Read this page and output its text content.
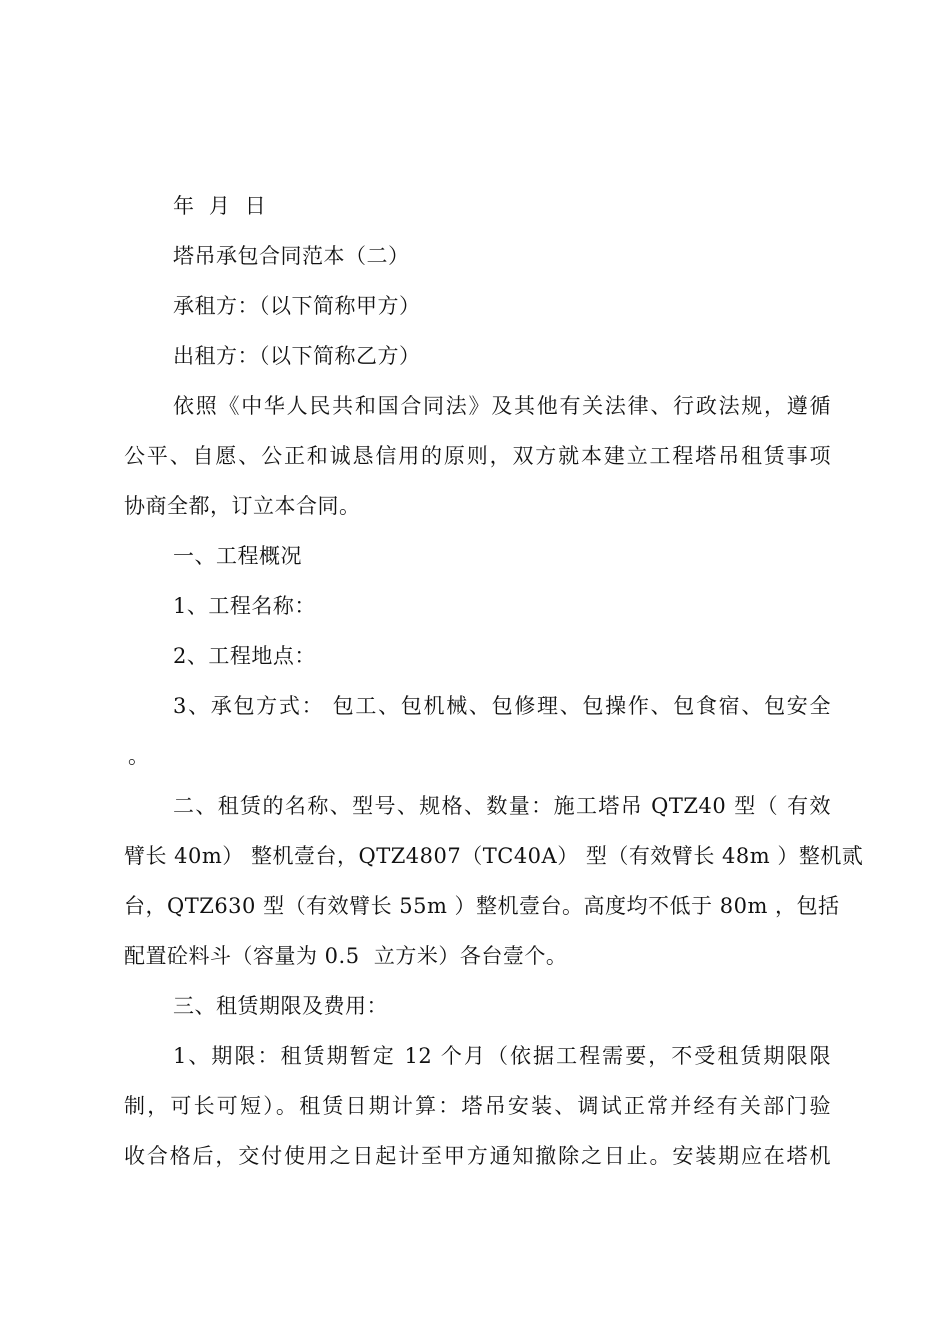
年  月  日
塔吊承包合同范本（二）
承租方：（以下简称甲方）
出租方：（以下简称乙方）
依照《中华人民共和国合同法》及其他有关法律、行政法规，遵循
公平、自愿、公正和诚恳信用的原则，双方就本建立工程塔吊租赁事项
协商全都，订立本合同。
一、工程概况
1、工程名称：
2、工程地点：
3、承包方式： 包工、包机械、包修理、包操作、包食宿、包安全
。
二、租赁的名称、型号、规格、数量：施工塔吊 QTZ40 型（ 有效
臂长 40m） 整机壹台，QTZ4807（TC40A） 型（有效臂长 48m ）整机贰
台，QTZ630 型（有效臂长 55m ）整机壹台。高度均不低于 80m ，包括
配置砼料斗（容量为 0.5  立方米）各台壹个。
三、租赁期限及费用：
1、期限：租赁期暂定 12 个月（依据工程需要，不受租赁期限限
制，可长可短）。租赁日期计算：塔吊安装、调试正常并经有关部门验
收合格后，交付使用之日起计至甲方通知撤除之日止。安装期应在塔机
